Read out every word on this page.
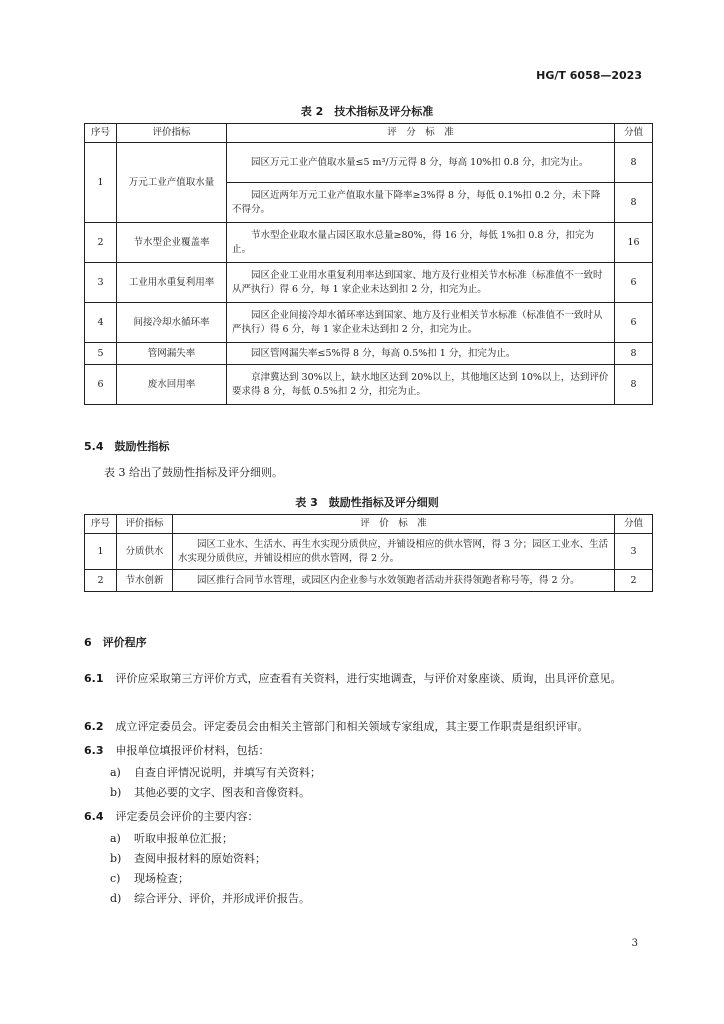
HG/T 6058—2023
表 2　技术指标及评分标准
序号	评价指标	评　分　标　准	分值
1	万元工业产值取水量	园区万元工业产值取水量≤5 m³/万元得 8 分，每高 10%扣 0.8 分，扣完为止。	8
		园区近两年万元工业产值取水量下降率≥3%得 8 分，每低 0.1%扣 0.2 分，未下降不得分。	8
2	节水型企业覆盖率	节水型企业取水量占园区取水总量≥80%，得 16 分，每低 1%扣 0.8 分，扣完为止。	16
3	工业用水重复利用率	园区企业工业用水重复利用率达到国家、地方及行业相关节水标准（标准值不一致时从严执行）得 6 分，每 1 家企业未达到扣 2 分，扣完为止。	6
4	间接冷却水循环率	园区企业间接冷却水循环率达到国家、地方及行业相关节水标准（标准值不一致时从严执行）得 6 分，每 1 家企业未达到扣 2 分，扣完为止。	6
5	管网漏失率	园区管网漏失率≤5%得 8 分，每高 0.5%扣 1 分，扣完为止。	8
6	废水回用率	京津冀达到 30%以上，缺水地区达到 20%以上，其他地区达到 10%以上，达到评价要求得 8 分，每低 0.5%扣 2 分，扣完为止。	8
5.4　鼓励性指标
表 3 给出了鼓励性指标及评分细则。
表 3　鼓励性指标及评分细则
序号	评价指标	评　价　标　准	分值
1	分质供水	园区工业水、生活水、再生水实现分质供应，并铺设相应的供水管网，得 3 分；园区工业水、生活水实现分质供应，并铺设相应的供水管网，得 2 分。	3
2	节水创新	园区推行合同节水管理，或园区内企业参与水效领跑者活动并获得领跑者称号等，得 2 分。	2
6　评价程序
6.1 评价应采取第三方评价方式，应查看有关资料，进行实地调查，与评价对象座谈、质询，出具评价意见。
6.2 成立评定委员会。评定委员会由相关主管部门和相关领域专家组成，其主要工作职责是组织评审。
6.3 申报单位填报评价材料，包括：
a) 自查自评情况说明，并填写有关资料；
b) 其他必要的文字、图表和音像资料。
6.4 评定委员会评价的主要内容：
a) 听取申报单位汇报；
b) 查阅申报材料的原始资料；
c) 现场检查；
d) 综合评分、评价，并形成评价报告。
3
